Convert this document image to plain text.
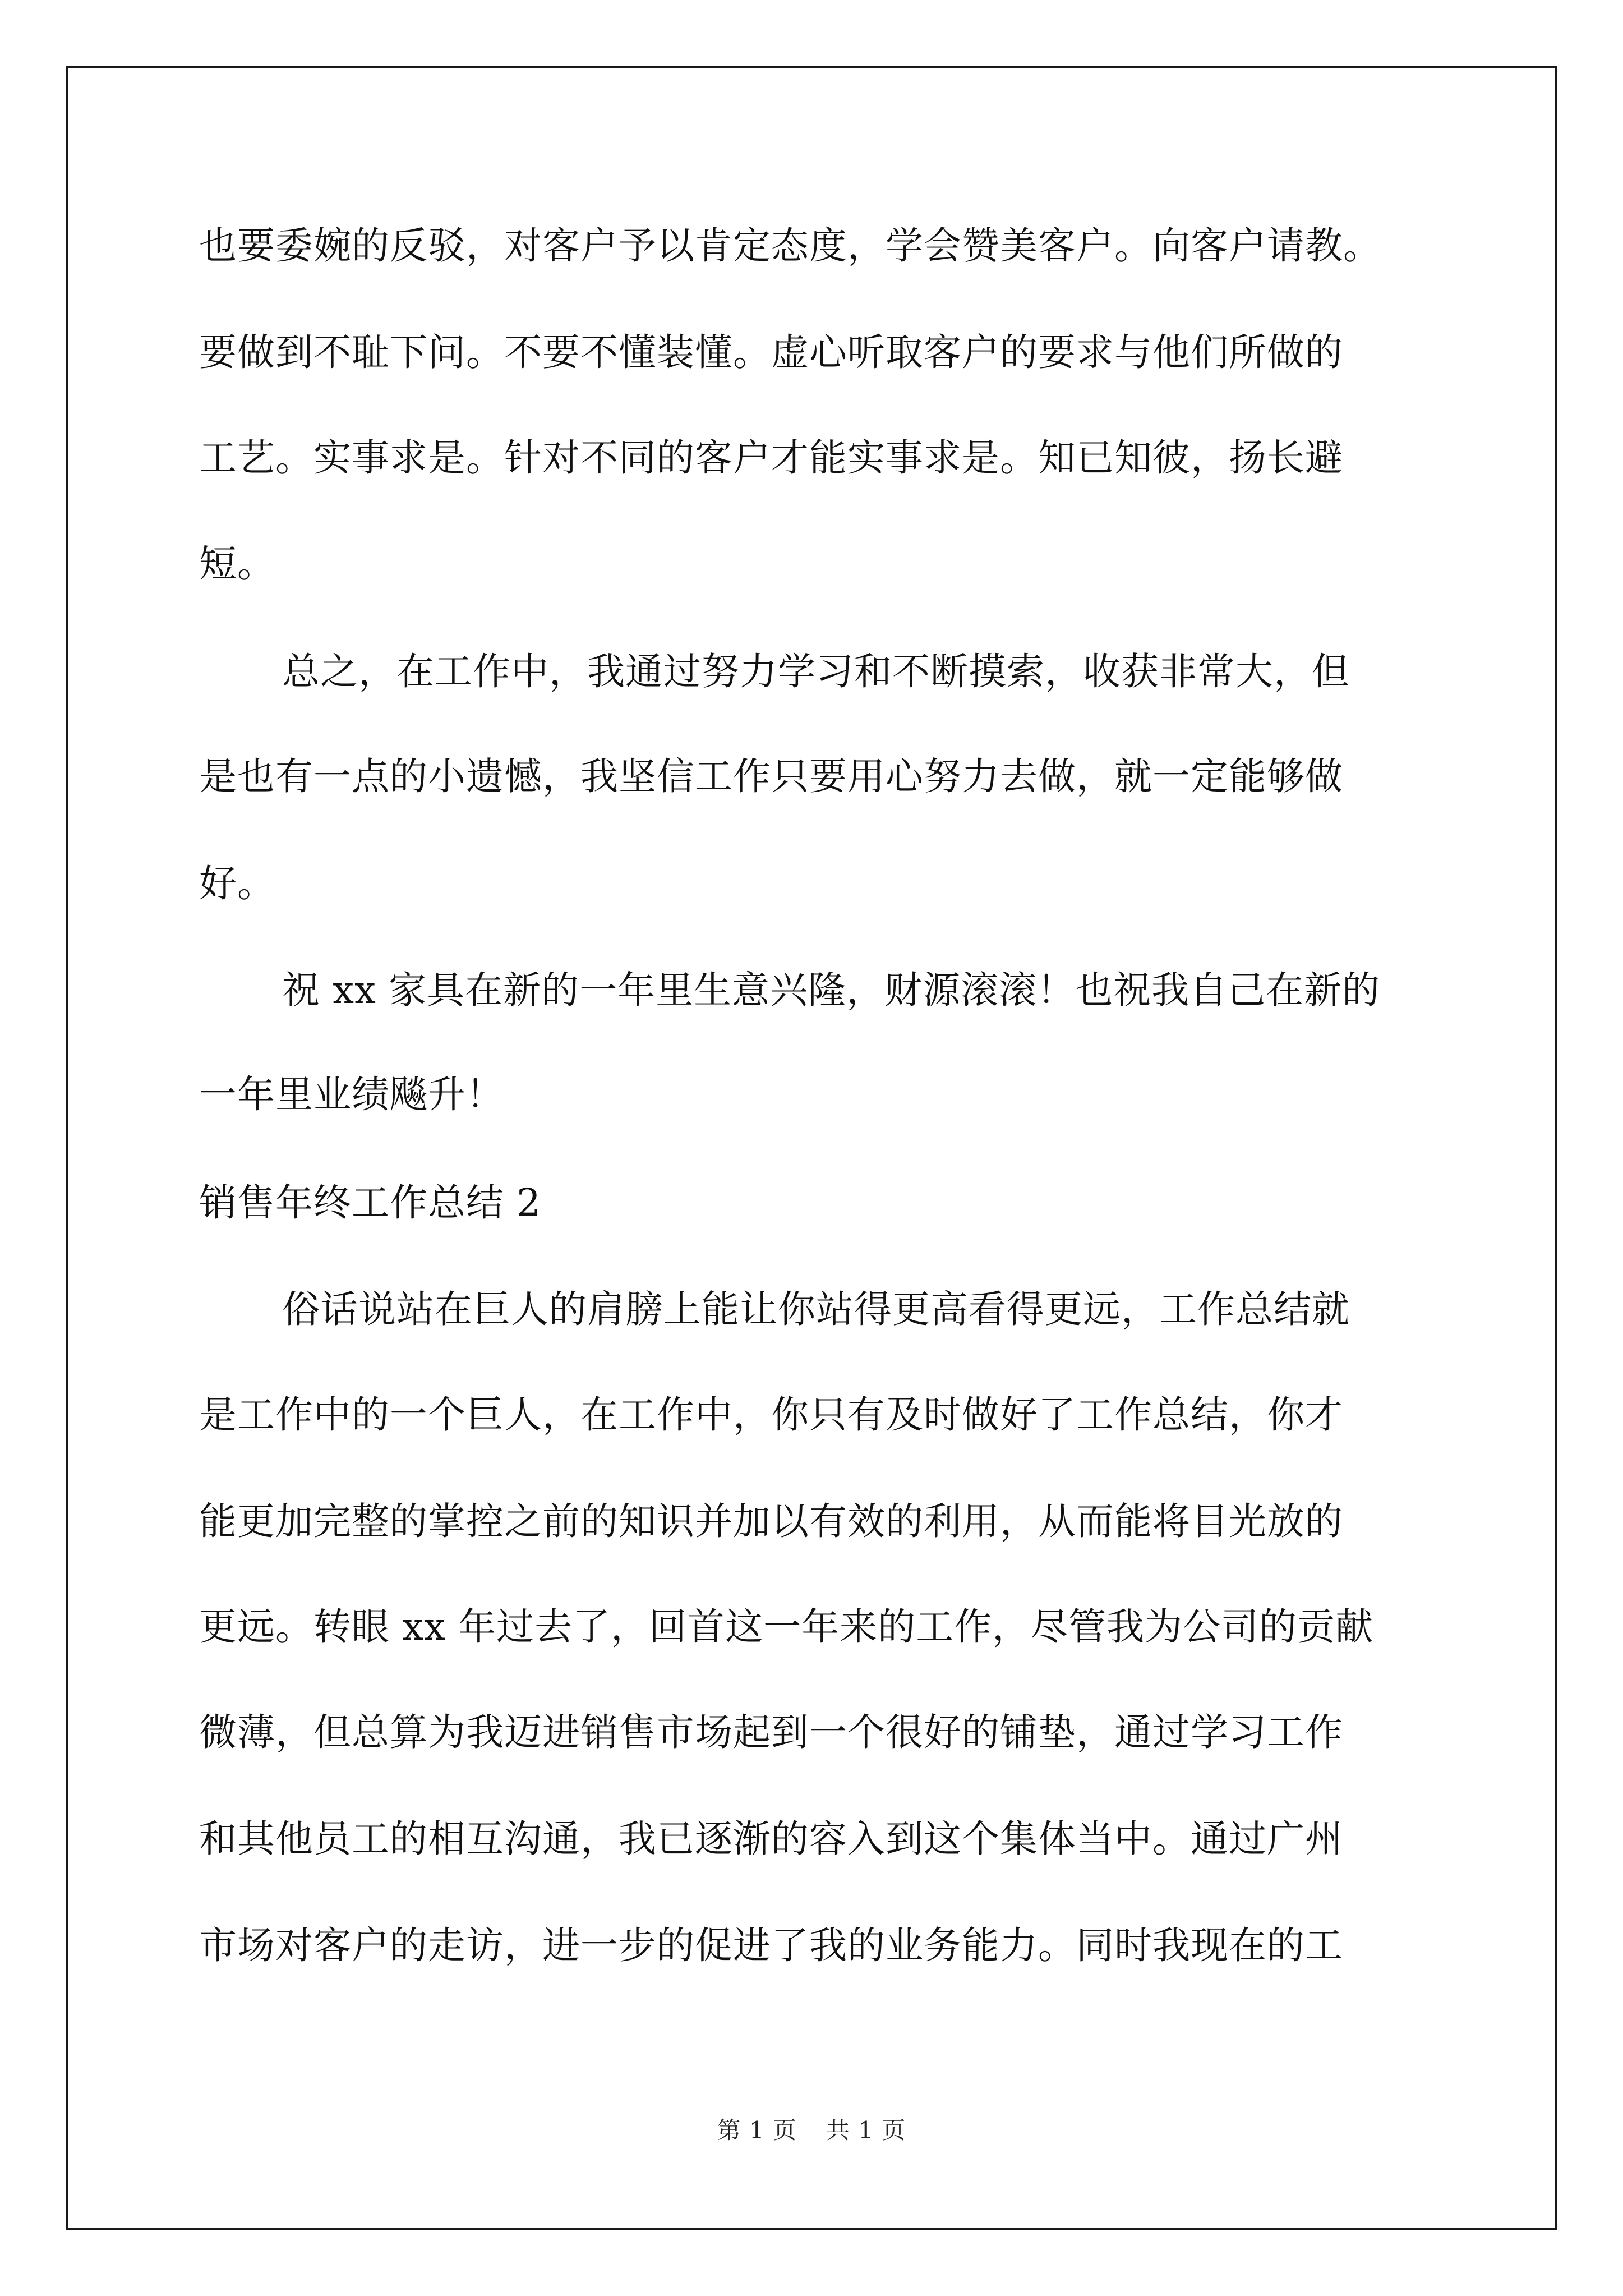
也要委婉的反驳，对客户予以肯定态度，学会赞美客户。向客户请教。
要做到不耻下问。不要不懂装懂。虚心听取客户的要求与他们所做的
工艺。实事求是。针对不同的客户才能实事求是。知已知彼，扬长避
短。
总之，在工作中，我通过努力学习和不断摸索，收获非常大，但
是也有一点的小遗憾，我坚信工作只要用心努力去做，就一定能够做
好。
祝 xx 家具在新的一年里生意兴隆，财源滚滚！也祝我自己在新的
一年里业绩飚升！
销售年终工作总结 2
俗话说站在巨人的肩膀上能让你站得更高看得更远，工作总结就
是工作中的一个巨人，在工作中，你只有及时做好了工作总结，你才
能更加完整的掌控之前的知识并加以有效的利用，从而能将目光放的
更远。转眼 xx 年过去了，回首这一年来的工作，尽管我为公司的贡献
微薄，但总算为我迈进销售市场起到一个很好的铺垫，通过学习工作
和其他员工的相互沟通，我已逐渐的容入到这个集体当中。通过广州
市场对客户的走访，进一步的促进了我的业务能力。同时我现在的工
第 1 页 共 1 页
